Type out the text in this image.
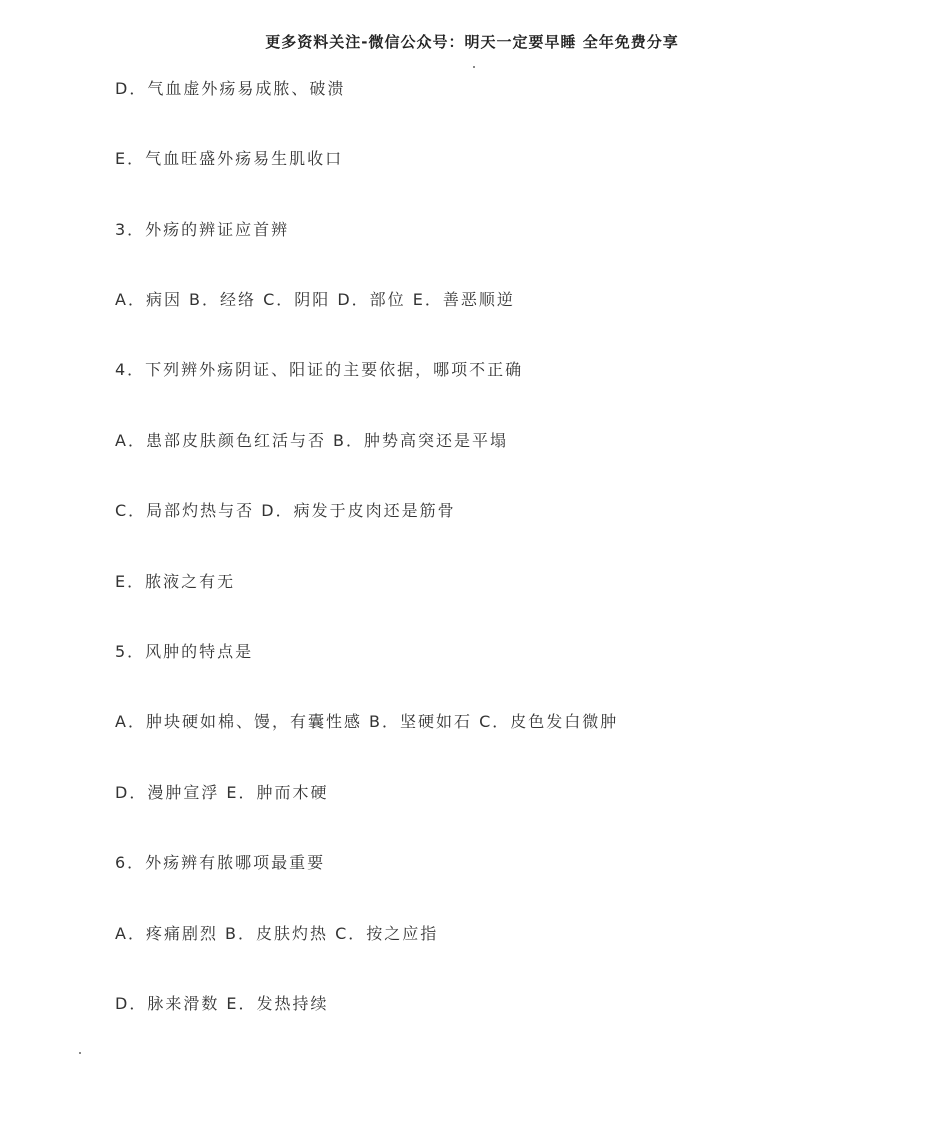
更多资料关注-微信公众号：明天一定要早睡 全年免费分享
D．气血虚外疡易成脓、破溃
E．气血旺盛外疡易生肌收口
3．外疡的辨证应首辨
A．病因 B．经络 C．阴阳 D．部位 E．善恶顺逆
4．下列辨外疡阴证、阳证的主要依据，哪项不正确
A．患部皮肤颜色红活与否 B．肿势高突还是平塌
C．局部灼热与否 D．病发于皮肉还是筋骨
E．脓液之有无
5．风肿的特点是
A．肿块硬如棉、馒，有囊性感 B．坚硬如石 C．皮色发白微肿
D．漫肿宣浮 E．肿而木硬
6．外疡辨有脓哪项最重要
A．疼痛剧烈 B．皮肤灼热 C．按之应指
D．脉来滑数 E．发热持续
